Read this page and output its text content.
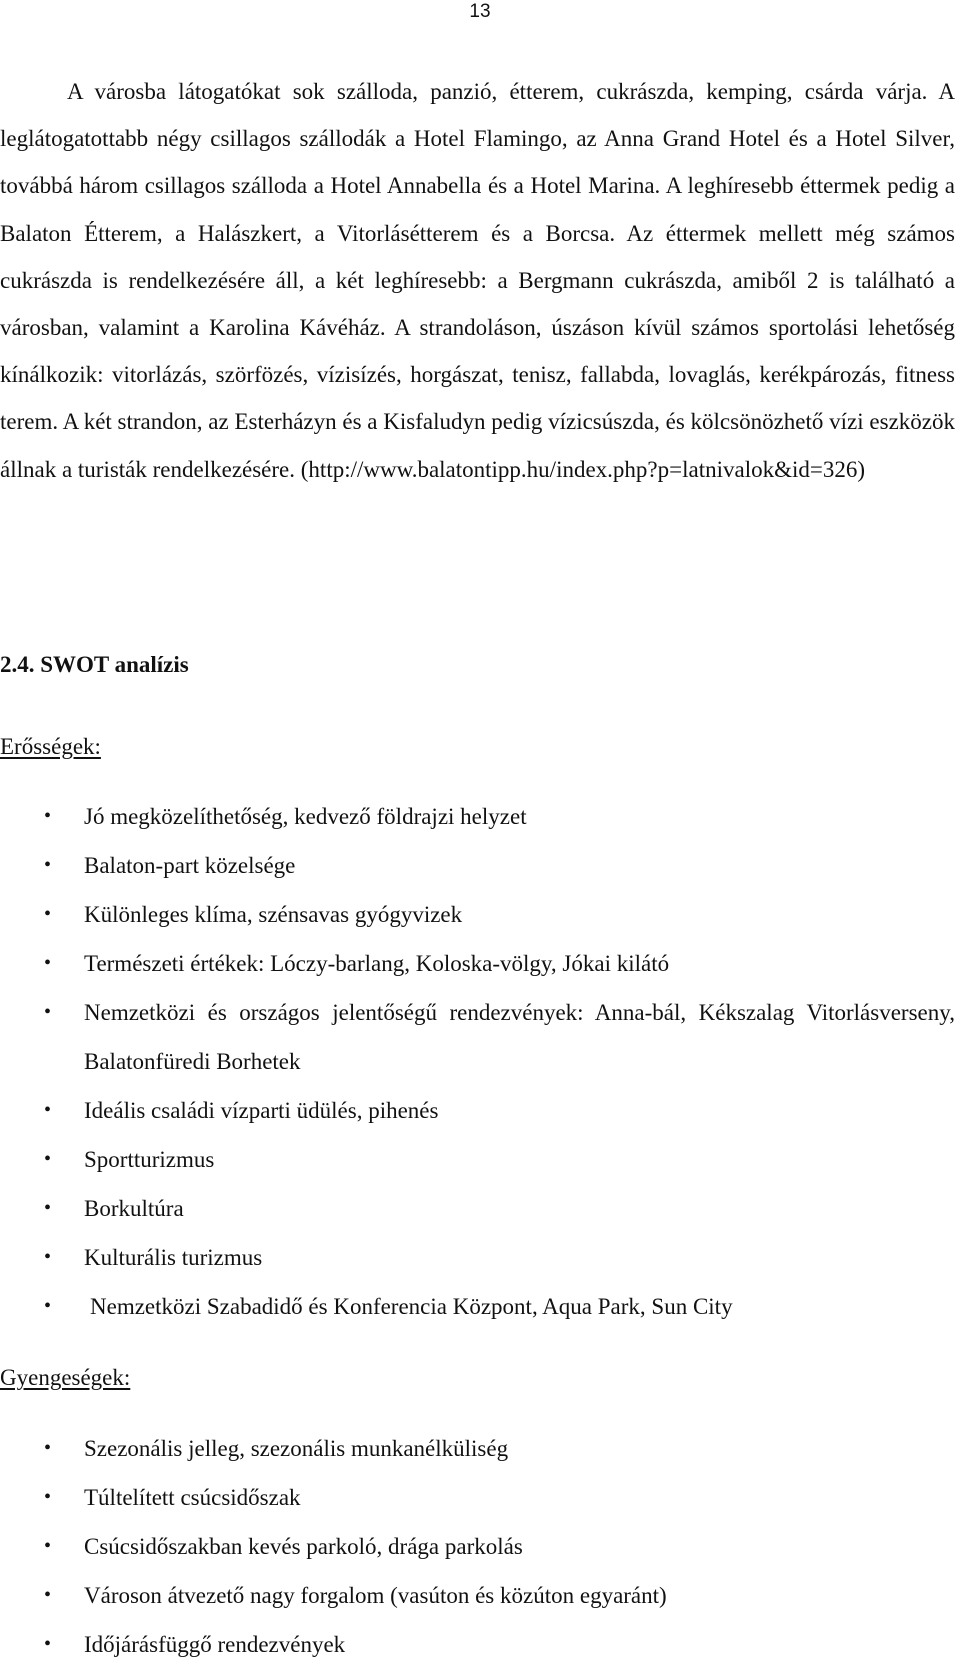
13

A városba látogatókat sok szálloda, panzió, étterem, cukrászda, kemping, csárda várja. A leglátogatottabb négy csillagos szállodák a Hotel Flamingo, az Anna Grand Hotel és a Hotel Silver, továbbá három csillagos szálloda a Hotel Annabella és a Hotel Marina. A leghíresebb éttermek pedig a Balaton Étterem, a Halászkert, a Vitorlásétterem és a Borcsa. Az éttermek mellett még számos cukrászda is rendelkezésére áll, a két leghíresebb: a Bergmann cukrászda, amiből 2 is található a városban, valamint a Karolina Kávéház. A strandoláson, úszáson kívül számos sportolási lehetőség kínálkozik: vitorlázás, szörfözés, vízisízés, horgászat, tenisz, fallabda, lovaglás, kerékpározás, fitness terem. A két strandon, az Esterházyn és a Kisfaludyn pedig vízicsúszda, és kölcsönözhető vízi eszközök állnak a turisták rendelkezésére. (http://www.balatontipp.hu/index.php?p=latnivalok&id=326)

2.4. SWOT analízis
Erősségek:
• Jó megközelíthetőség, kedvező földrajzi helyzet
• Balaton-part közelsége
• Különleges klíma, szénsavas gyógyvizek
• Természeti értékek: Lóczy-barlang, Koloska-völgy, Jókai kilátó
• Nemzetközi és országos jelentőségű rendezvények: Anna-bál, Kékszalag Vitorlásverseny, Balatonfüredi Borhetek
• Ideális családi vízparti üdülés, pihenés
• Sportturizmus
• Borkultúra
• Kulturális turizmus
• Nemzetközi Szabadidő és Konferencia Központ, Aqua Park, Sun City
Gyengeségek:
• Szezonális jelleg, szezonális munkanélküliség
• Túltelített csúcsidőszak
• Csúcsidőszakban kevés parkoló, drága parkolás
• Városon átvezető nagy forgalom (vasúton és közúton egyaránt)
• Időjárásfüggő rendezvények
